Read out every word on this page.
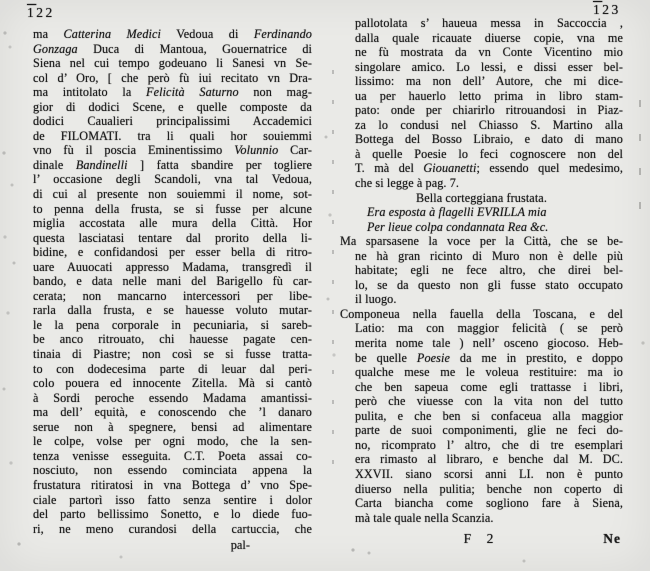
122	123
ma Catterina Medici Vedoua di Ferdinando
Gonzaga Duca di Mantoua, Gouernatrice di
Siena nel cui tempo godeuano li Sanesi vn Se-
col d’ Oro, [ che però fù iui recitato vn Dra-
ma intitolato la Felicità Saturno non mag-
gior di dodici Scene, e quelle composte da
dodici Caualieri principalissimi Accademici
de FILOMATI. tra li quali hor souiemmi
vno fù il poscia Eminentissimo Volunnio Car-
dinale Bandinelli ] fatta sbandire per togliere
l’ occasione degli Scandoli, vna tal Vedoua,
di cui al presente non souiemmi il nome, sot-
to penna della frusta, se si fusse per alcune
miglia accostata alle mura della Città. Hor
questa lasciatasi tentare dal prorito della li-
bidine, e confidandosi per esser bella di ritro-
uare Auuocati appresso Madama, transgredì il
bando, e data nelle mani del Barigello fù car-
cerata; non mancarno intercessori per libe-
rarla dalla frusta, e se hauesse voluto mutar-
le la pena corporale in pecuniaria, si sareb-
be anco ritrouato, chi hauesse pagate cen-
tinaia di Piastre; non così se si fusse tratta-
to con dodecesima parte di leuar dal peri-
colo pouera ed innocente Zitella. Mà si cantò
à Sordi peroche essendo Madama amantissi-
ma dell’ equità, e conoscendo che ’l danaro
serue non à spegnere, bensi ad alimentare
le colpe, volse per ogni modo, che la sen-
tenza venisse esseguita. C.T. Poeta assai co-
nosciuto, non essendo cominciata appena la
frustatura ritiratosi in vna Bottega d’ vno Spe-
ciale partorì isso fatto senza sentire i dolor
del parto bellissimo Sonetto, e lo diede fuo-
ri, ne meno curandosi della cartuccia, che
pal-
pallotolata s’ haueua messa in Saccoccia ,
dalla quale ricauate diuerse copie, vna me
ne fù mostrata da vn Conte Vicentino mio
singolare amico. Lo lessi, e dissi esser bel-
lissimo: ma non dell’ Autore, che mi dice-
ua per hauerlo letto prima in libro stam-
pato: onde per chiarirlo ritrouandosi in Piaz-
za lo condusi nel Chiasso S. Martino alla
Bottega del Bosso Libraio, e dato di mano
à quelle Poesie lo feci cognoscere non del
T. mà del Giouanetti; essendo quel medesimo,
che si legge à pag. 7.
Bella corteggiana frustata.
Era esposta à flagelli EVRILLA mia
Per lieue colpa condannata Rea &c.
Ma sparsasene la voce per la Città, che se be-
ne hà gran ricinto di Muro non è delle più
habitate; egli ne fece altro, che direi bel-
lo, se da questo non gli fusse stato occupato
il luogo.
Componeua nella fauella della Toscana, e del
Latio: ma con maggior felicità ( se però
merita nome tale ) nell’ osceno giocoso. Heb-
be quelle Poesie da me in prestito, e doppo
qualche mese me le voleua restituire: ma io
che ben sapeua come egli trattasse i libri,
però che viuesse con la vita non del tutto
pulita, e che ben si confaceua alla maggior
parte de suoi componimenti, glie ne feci do-
no, ricomprato l’ altro, che di tre esemplari
era rimasto al libraro, e benche dal M. DC.
XXVII. siano scorsi anni LI. non è punto
diuerso nella pulitia; benche non coperto di
Carta biancha come sogliono fare à Siena,
mà tale quale nella Scanzia.
F 2	Ne
